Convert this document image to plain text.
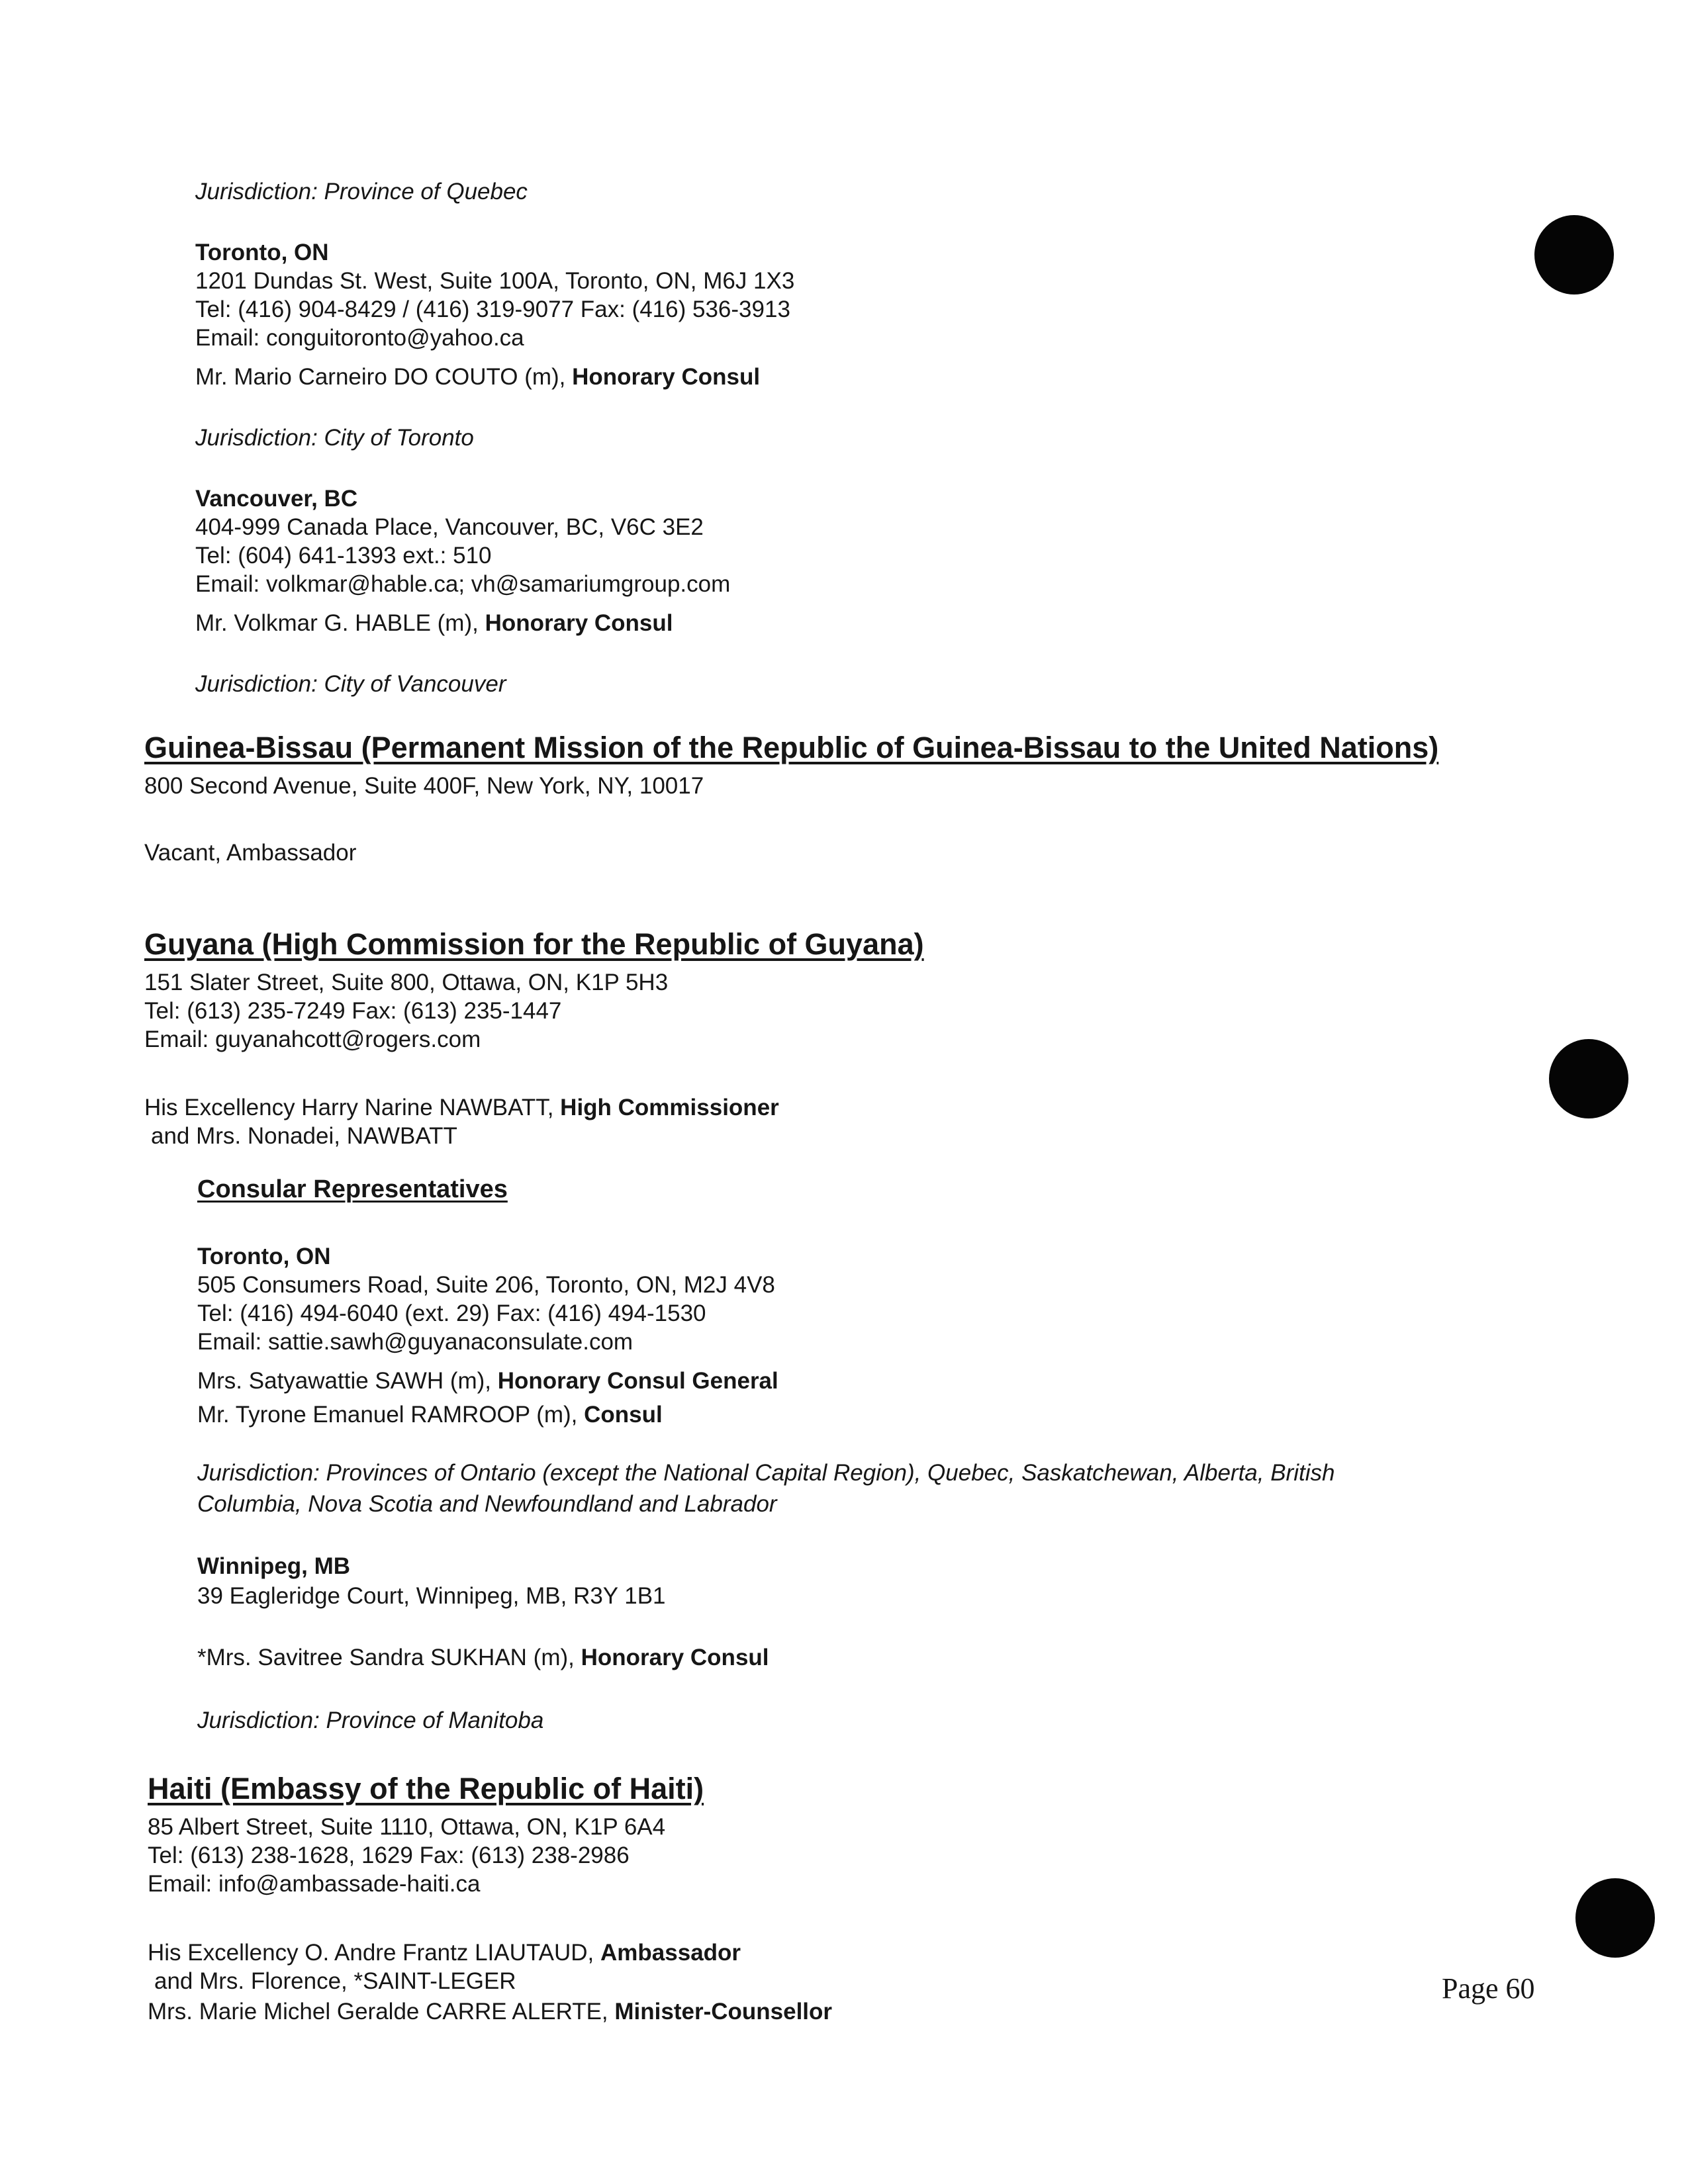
Jurisdiction: Province of Quebec
Toronto, ON
1201 Dundas St. West, Suite 100A, Toronto, ON, M6J 1X3
Tel: (416) 904-8429 / (416) 319-9077 Fax: (416) 536-3913
Email: conguitoronto@yahoo.ca
Mr. Mario Carneiro DO COUTO (m), Honorary Consul
Jurisdiction: City of Toronto
Vancouver, BC
404-999 Canada Place, Vancouver, BC, V6C 3E2
Tel: (604) 641-1393 ext.: 510
Email: volkmar@hable.ca; vh@samariumgroup.com
Mr. Volkmar G. HABLE (m), Honorary Consul
Jurisdiction: City of Vancouver
Guinea-Bissau (Permanent Mission of the Republic of Guinea-Bissau to the United Nations)
800 Second Avenue, Suite 400F, New York, NY, 10017
Vacant, Ambassador
Guyana (High Commission for the Republic of Guyana)
151 Slater Street, Suite 800, Ottawa, ON, K1P 5H3
Tel: (613) 235-7249 Fax: (613) 235-1447
Email: guyanahcott@rogers.com
His Excellency Harry Narine NAWBATT, High Commissioner
and Mrs. Nonadei, NAWBATT
Consular Representatives
Toronto, ON
505 Consumers Road, Suite 206, Toronto, ON, M2J 4V8
Tel: (416) 494-6040 (ext. 29) Fax: (416) 494-1530
Email: sattie.sawh@guyanaconsulate.com
Mrs. Satyawattie SAWH (m), Honorary Consul General
Mr. Tyrone Emanuel RAMROOP (m), Consul
Jurisdiction: Provinces of Ontario (except the National Capital Region), Quebec, Saskatchewan, Alberta, British
Columbia, Nova Scotia and Newfoundland and Labrador
Winnipeg, MB
39 Eagleridge Court, Winnipeg, MB, R3Y 1B1
*Mrs. Savitree Sandra SUKHAN (m), Honorary Consul
Jurisdiction: Province of Manitoba
Haiti (Embassy of the Republic of Haiti)
85 Albert Street, Suite 1110, Ottawa, ON, K1P 6A4
Tel: (613) 238-1628, 1629 Fax: (613) 238-2986
Email: info@ambassade-haiti.ca
His Excellency O. Andre Frantz LIAUTAUD, Ambassador
and Mrs. Florence, *SAINT-LEGER
Mrs. Marie Michel Geralde CARRE ALERTE, Minister-Counsellor
Page 60
